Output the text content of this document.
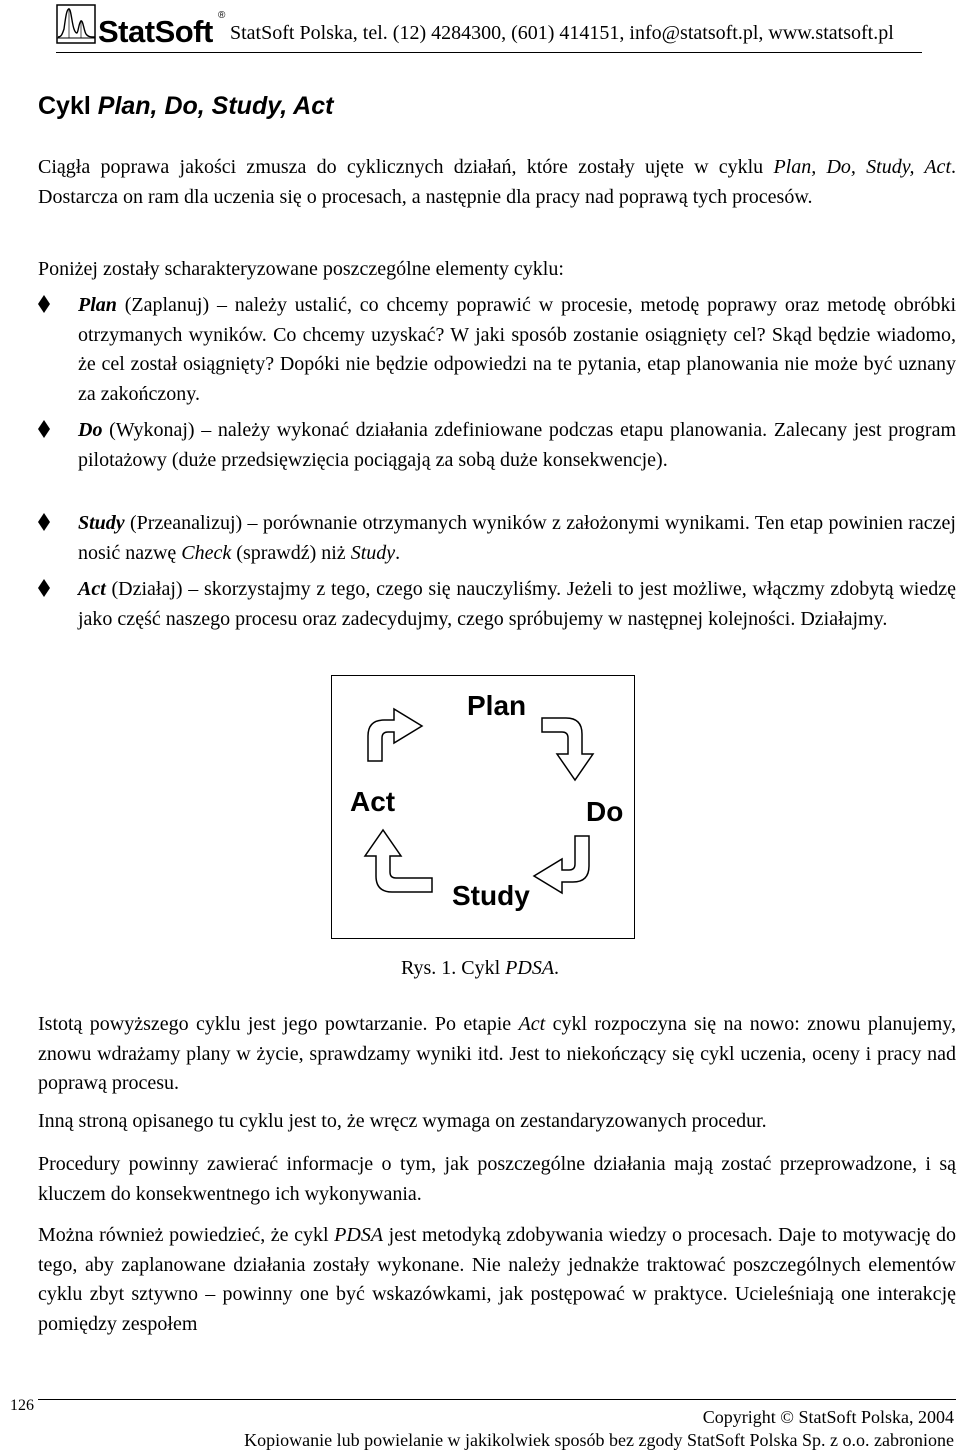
StatSoft ®
StatSoft Polska, tel. (12) 4284300, (601) 414151, info@statsoft.pl, www.statsoft.pl
Cykl Plan, Do, Study, Act

Ciągła poprawa jakości zmusza do cyklicznych działań, które zostały ujęte w cyklu Plan, Do, Study, Act. Dostarcza on ram dla uczenia się o procesach, a następnie dla pracy nad poprawą tych procesów.

Poniżej zostały scharakteryzowane poszczególne elementy cyklu:

Plan (Zaplanuj) – należy ustalić, co chcemy poprawić w procesie, metodę poprawy oraz metodę obróbki otrzymanych wyników. Co chcemy uzyskać? W jaki sposób zostanie osiągnięty cel? Skąd będzie wiadomo, że cel został osiągnięty? Dopóki nie będzie odpowiedzi na te pytania, etap planowania nie może być uznany za zakończony.

Do (Wykonaj) – należy wykonać działania zdefiniowane podczas etapu planowania. Zalecany jest program pilotażowy (duże przedsięwzięcia pociągają za sobą duże konsekwencje).

Study (Przeanalizuj) – porównanie otrzymanych wyników z założonymi wynikami. Ten etap powinien raczej nosić nazwę Check (sprawdź) niż Study.

Act (Działaj) – skorzystajmy z tego, czego się nauczyliśmy. Jeżeli to jest możliwe, włączmy zdobytą wiedzę jako część naszego procesu oraz zadecydujmy, czego spróbujemy w następnej kolejności. Działajmy.

Plan
Act	Do
Study
Rys. 1. Cykl PDSA.

Istotą powyższego cyklu jest jego powtarzanie. Po etapie Act cykl rozpoczyna się na nowo: znowu planujemy, znowu wdrażamy plany w życie, sprawdzamy wyniki itd. Jest to niekończący się cykl uczenia, oceny i pracy nad poprawą procesu.

Inną stroną opisanego tu cyklu jest to, że wręcz wymaga on zestandaryzowanych procedur.

Procedury powinny zawierać informacje o tym, jak poszczególne działania mają zostać przeprowadzone, i są kluczem do konsekwentnego ich wykonywania.

Można również powiedzieć, że cykl PDSA jest metodyką zdobywania wiedzy o procesach. Daje to motywację do tego, aby zaplanowane działania zostały wykonane. Nie należy jednakże traktować poszczególnych elementów cyklu zbyt sztywno – powinny one być wskazówkami, jak postępować w praktyce. Ucieleśniają one interakcję pomiędzy zespołem

126
Copyright © StatSoft Polska, 2004
Kopiowanie lub powielanie w jakikolwiek sposób bez zgody StatSoft Polska Sp. z o.o. zabronione
